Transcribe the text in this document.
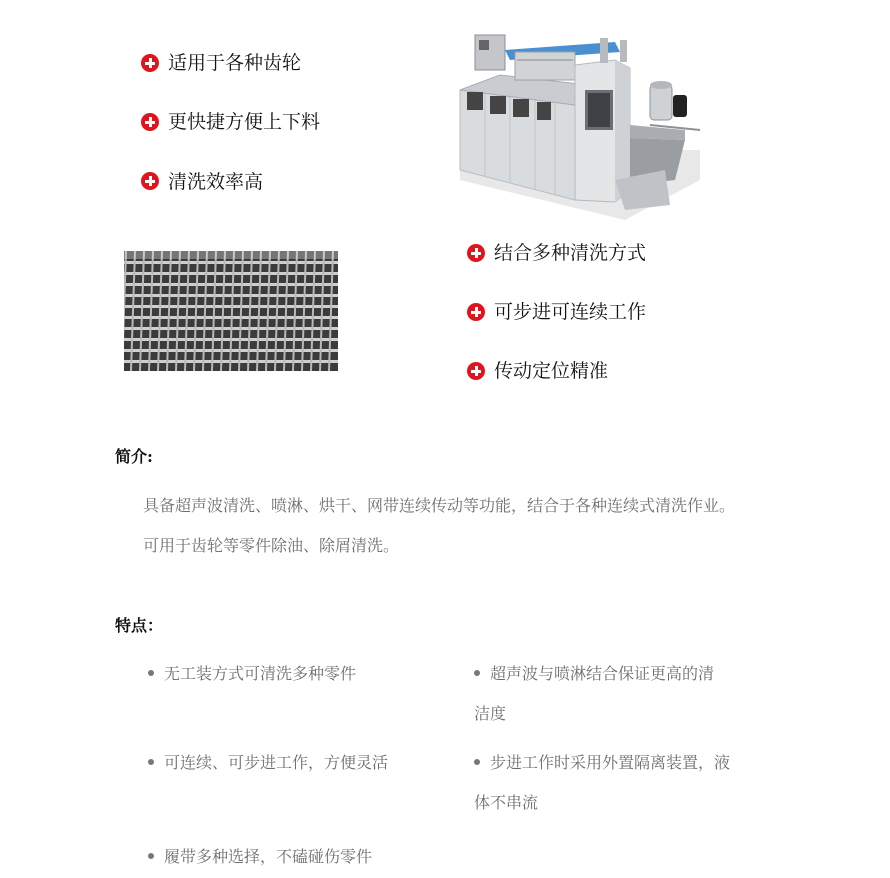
适用于各种齿轮
更快捷方便上下料
清洗效率高
结合多种清洗方式
可步进可连续工作
传动定位精准
简介:
具备超声波清洗、喷淋、烘干、网带连续传动等功能，结合于各种连续式清洗作业。
可用于齿轮等零件除油、除屑清洗。
特点：
无工装方式可清洗多种零件	超声波与喷淋结合保证更高的清
洁度
可连续、可步进工作，方便灵活	步进工作时采用外置隔离装置，液
体不串流
履带多种选择，不磕碰伤零件
